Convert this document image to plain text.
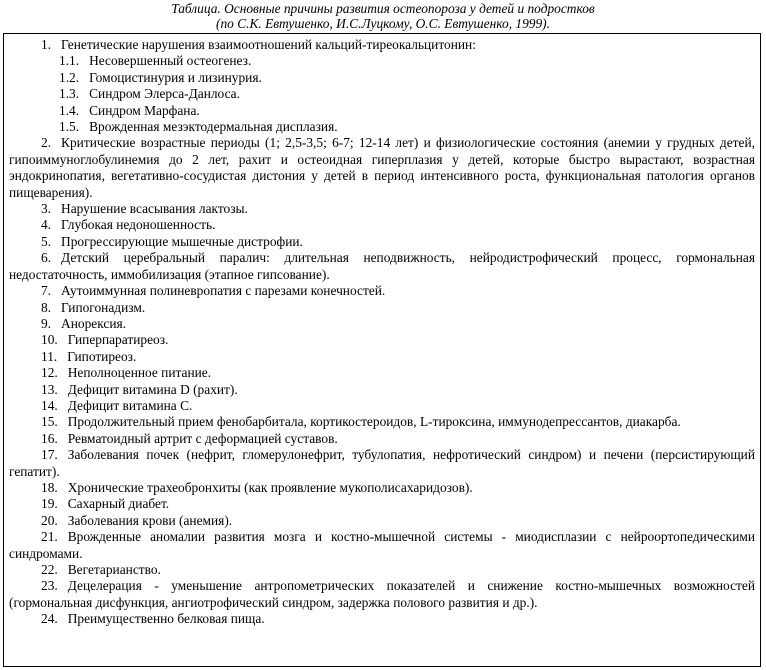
Таблица. Основные причины развития остеопороза у детей и подростков
(по С.К. Евтушенко, И.С.Луцкому, О.С. Евтушенко, 1999).

1. Генетические нарушения взаимоотношений кальций-тиреокальцитонин:

1.1. Несовершенный остеогенез.

1.2. Гомоцистинурия и лизинурия.

1.3. Синдром Элерса-Данлоса.

1.4. Синдром Марфана.

1.5. Врожденная мезэктодермальная дисплазия.

2. Критические возрастные периоды (1; 2,5-3,5; 6-7; 12-14 лет) и физиологические состояния (анемии у грудных детей, гипоиммуноглобулинемия до 2 лет, рахит и остеоидная гиперплазия у детей, которые быстро вырастают, возрастная эндокринопатия, вегетативно-сосудистая дистония у детей в период интенсивного роста, функциональная патология органов пищеварения).

3. Нарушение всасывания лактозы.

4. Глубокая недоношенность.

5. Прогрессирующие мышечные дистрофии.

6. Детский церебральный паралич: длительная неподвижность, нейродистрофический процесс, гормональная недостаточность, иммобилизация (этапное гипсование).

7. Аутоиммунная полиневропатия с парезами конечностей.

8. Гипогонадизм.

9. Анорексия.

10. Гиперпаратиреоз.

11. Гипотиреоз.

12. Неполноценное питание.

13. Дефицит витамина D (рахит).

14. Дефицит витамина С.

15. Продолжительный прием фенобарбитала, кортикостероидов, L-тироксина, иммунодепрессантов, диакарба.

16. Ревматоидный артрит с деформацией суставов.

17. Заболевания почек (нефрит, гломерулонефрит, тубулопатия, нефротический синдром) и печени (персистирующий гепатит).

18. Хронические трахеобронхиты (как проявление мукополисахаридозов).

19. Сахарный диабет.

20. Заболевания крови (анемия).

21. Врожденные аномалии развития мозга и костно-мышечной системы - миодисплазии с нейроортопедическими синдромами.

22. Вегетарианство.

23. Децелерация - уменьшение антропометрических показателей и снижение костно-мышечных возможностей (гормональная дисфункция, ангиотрофический синдром, задержка полового развития и др.).

24. Преимущественно белковая пища.
